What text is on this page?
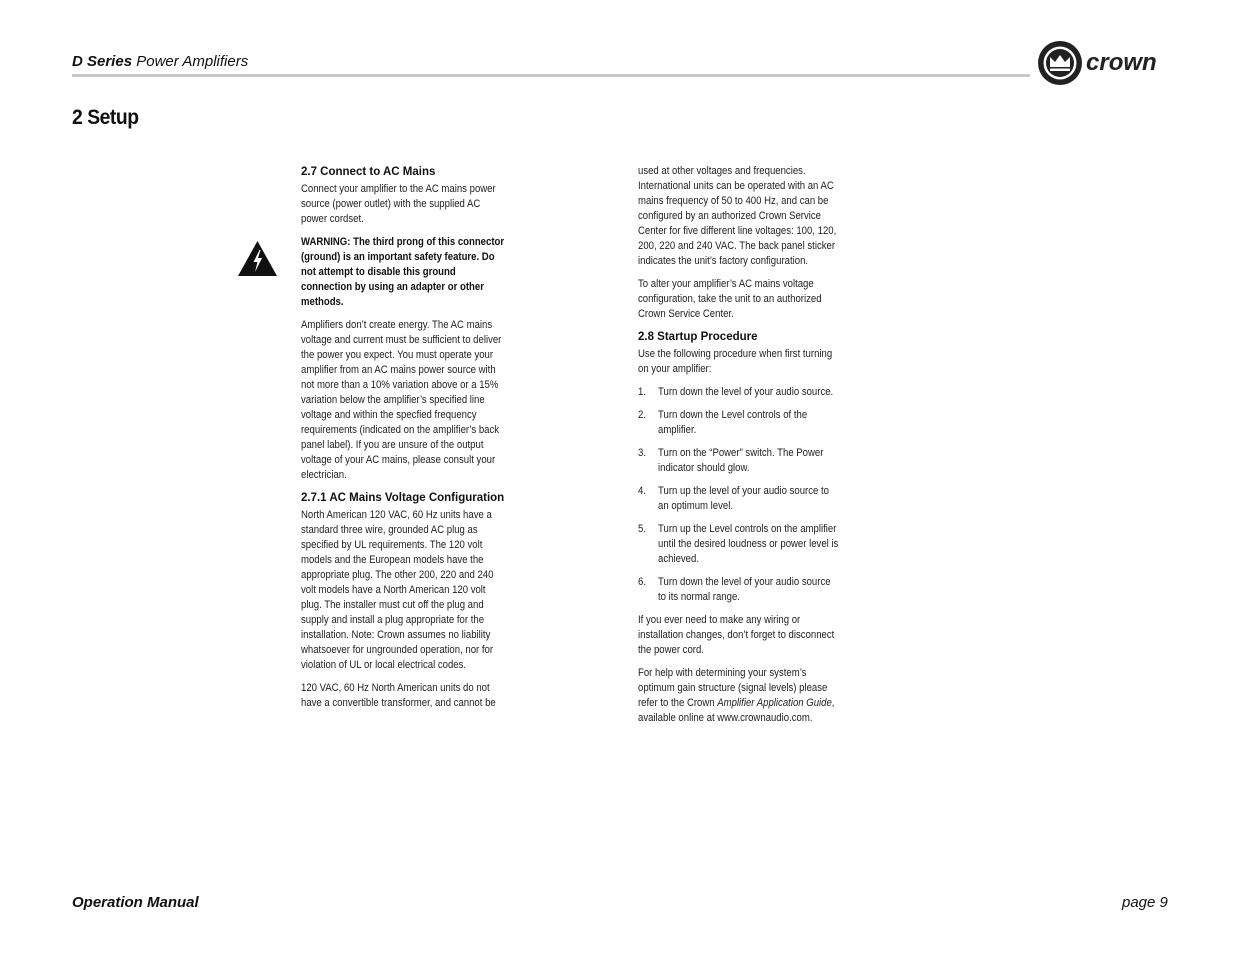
D Series Power Amplifiers	crown
2 Setup
2.7 Connect to AC Mains

Connect your amplifier to the AC mains power source (power outlet) with the supplied AC power cordset.

WARNING: The third prong of this connector (ground) is an important safety feature. Do not attempt to disable this ground connection by using an adapter or other methods.

Amplifiers don’t create energy. The AC mains voltage and current must be sufficient to deliver the power you expect. You must operate your amplifier from an AC mains power source with not more than a 10% variation above or a 15% variation below the amplifier’s specified line voltage and within the specfied frequency requirements (indicated on the amplifier’s back panel label). If you are unsure of the output voltage of your AC mains, please consult your electrician.

2.7.1 AC Mains Voltage Configuration

North American 120 VAC, 60 Hz units have a standard three wire, grounded AC plug as specified by UL requirements. The 120 volt models and the European models have the appropriate plug. The other 200, 220 and 240 volt models have a North American 120 volt plug. The installer must cut off the plug and supply and install a plug appropriate for the installation. Note: Crown assumes no liability whatsoever for ungrounded operation, nor for violation of UL or local electrical codes.

120 VAC, 60 Hz North American units do not have a convertible transformer, and cannot be

used at other voltages and frequencies. International units can be operated with an AC mains frequency of 50 to 400 Hz, and can be configured by an authorized Crown Service Center for five different line voltages: 100, 120, 200, 220 and 240 VAC. The back panel sticker indicates the unit’s factory configuration.

To alter your amplifier’s AC mains voltage configuration, take the unit to an authorized Crown Service Center.

2.8 Startup Procedure

Use the following procedure when first turning on your amplifier:

1. Turn down the level of your audio source.
2. Turn down the Level controls of the amplifier.
3. Turn on the “Power” switch. The Power indicator should glow.
4. Turn up the level of your audio source to an optimum level.
5. Turn up the Level controls on the amplifier until the desired loudness or power level is achieved.
6. Turn down the level of your audio source to its normal range.

If you ever need to make any wiring or installation changes, don’t forget to disconnect the power cord.

For help with determining your system’s optimum gain structure (signal levels) please refer to the Crown Amplifier Application Guide, available online at www.crownaudio.com.

Operation Manual	page 9
